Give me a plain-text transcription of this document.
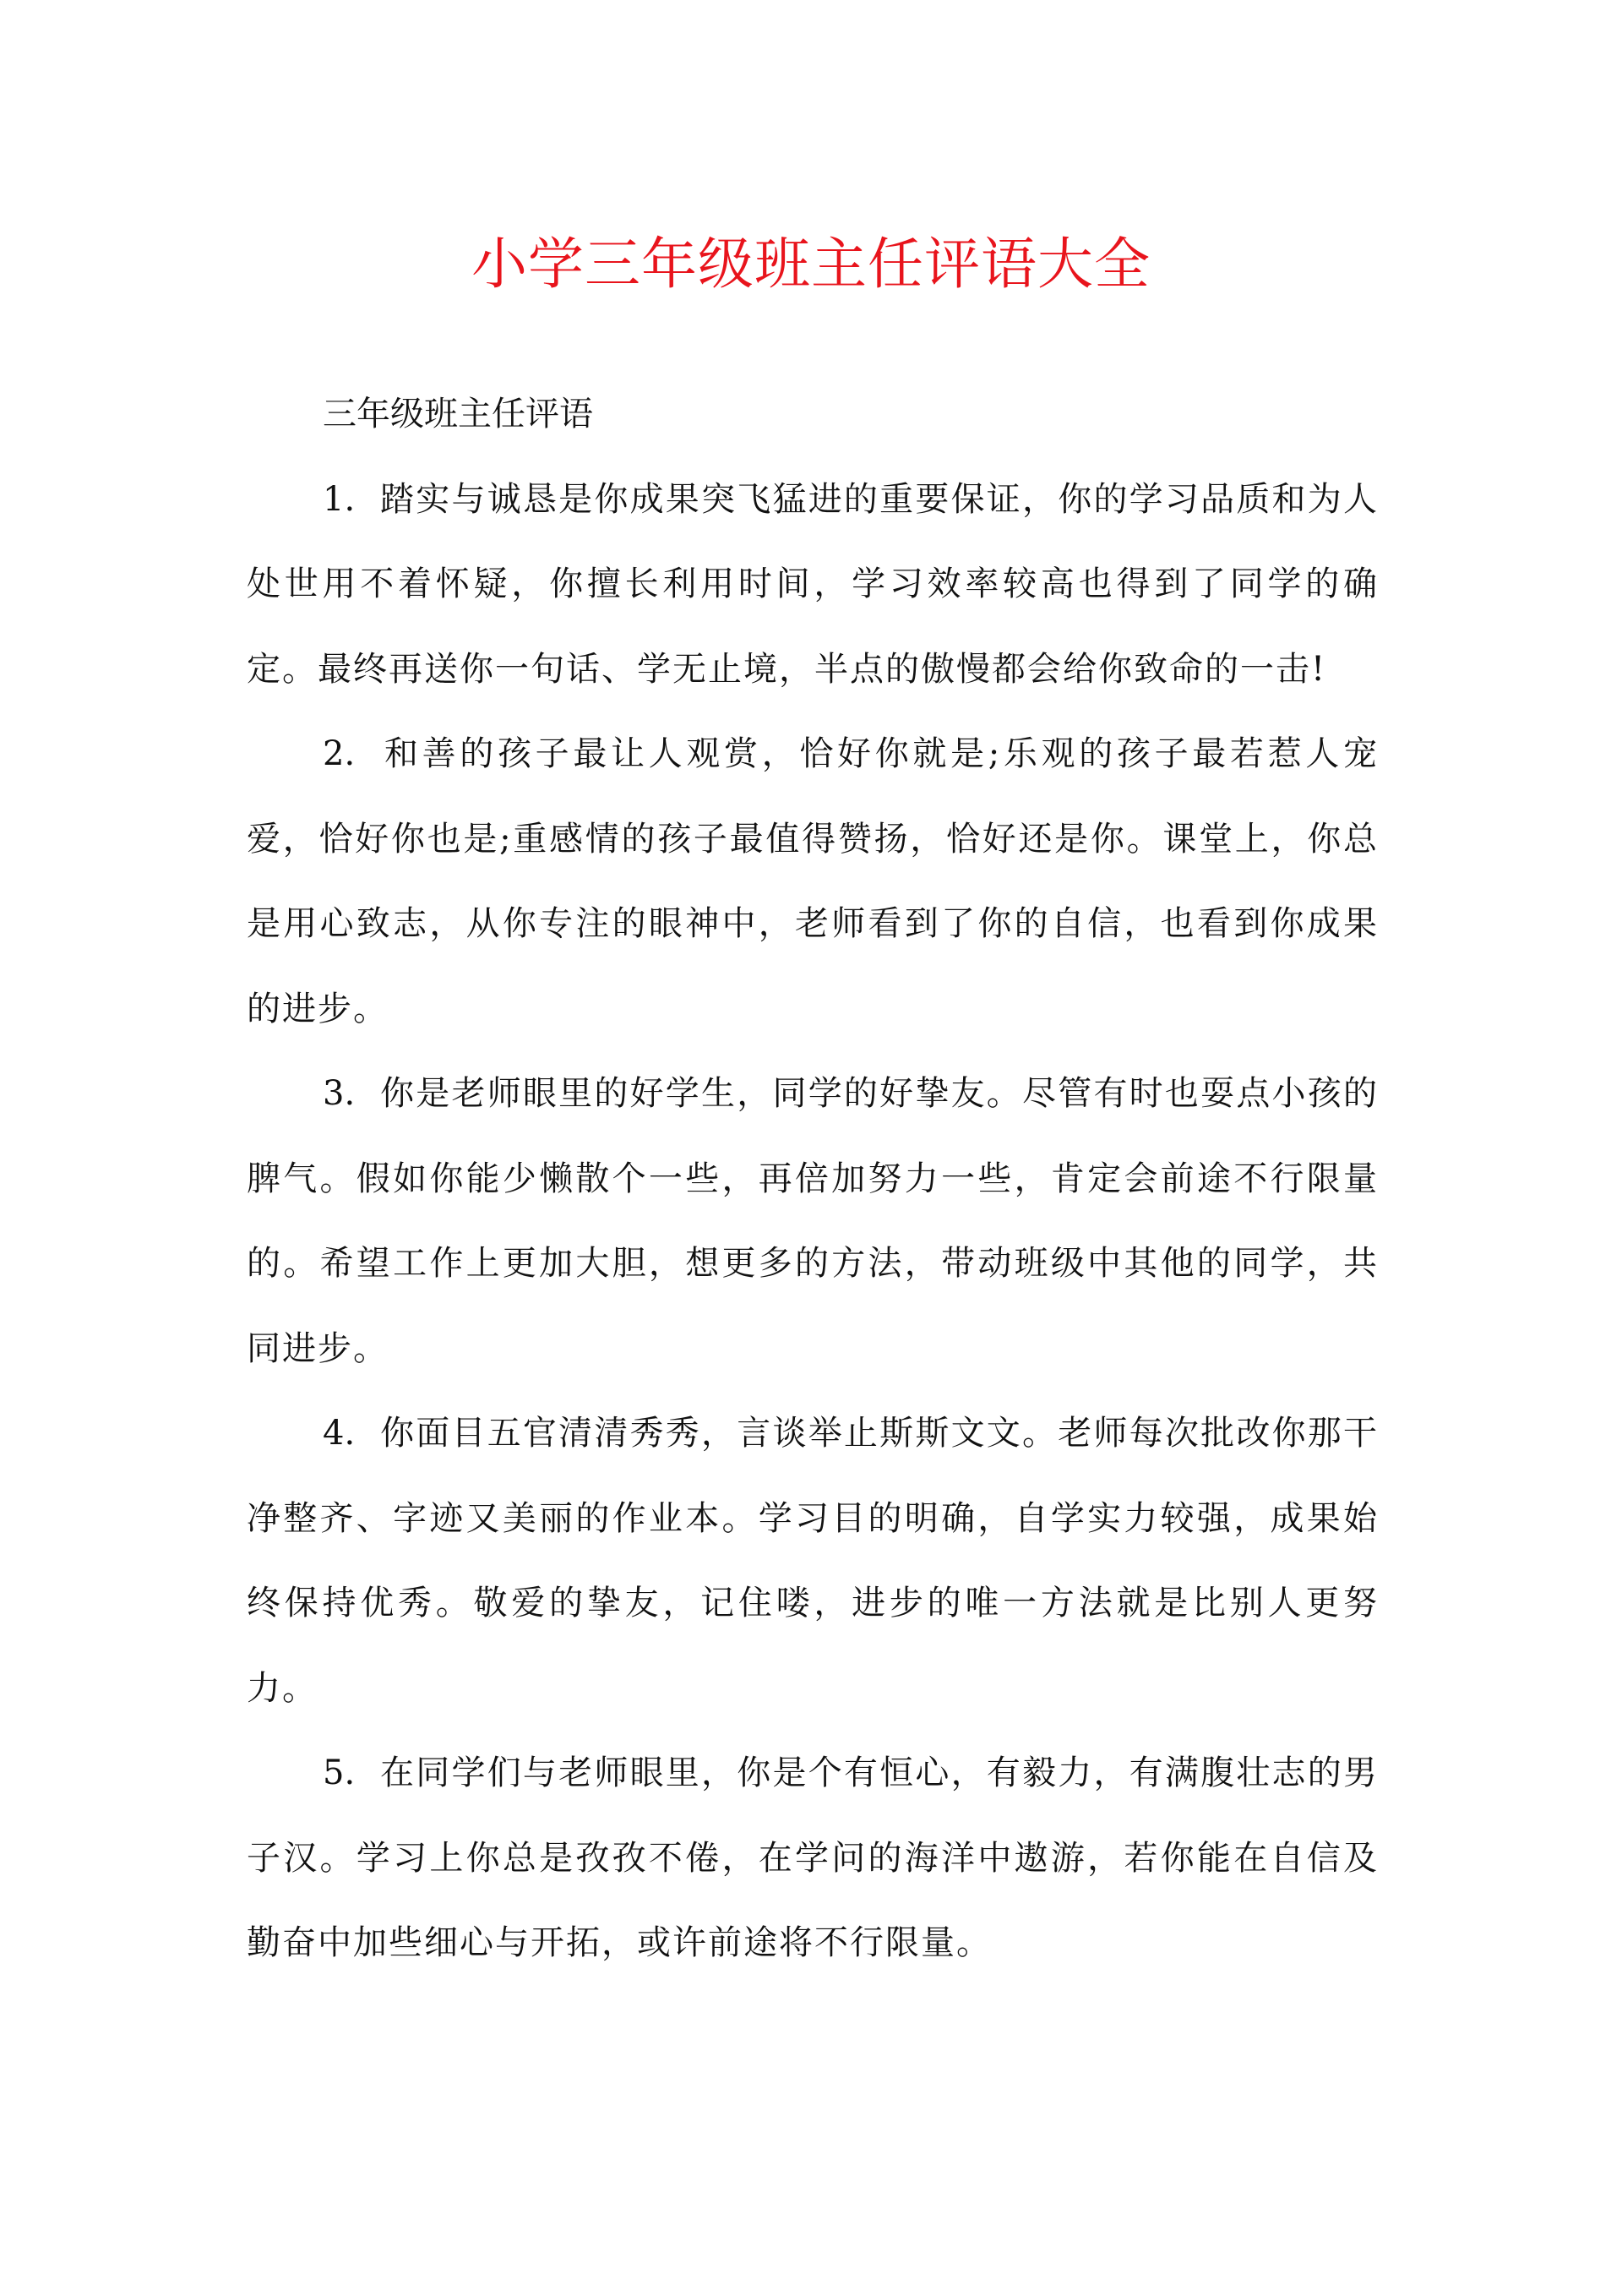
小学三年级班主任评语大全

三年级班主任评语

1. 踏实与诚恳是你成果突飞猛进的重要保证，你的学习品质和为人处世用不着怀疑，你擅长利用时间，学习效率较高也得到了同学的确定。最终再送你一句话、学无止境，半点的傲慢都会给你致命的一击!

2. 和善的孩子最让人观赏，恰好你就是;乐观的孩子最若惹人宠爱，恰好你也是;重感情的孩子最值得赞扬，恰好还是你。课堂上，你总是用心致志，从你专注的眼神中，老师看到了你的自信，也看到你成果的进步。

3. 你是老师眼里的好学生，同学的好挚友。尽管有时也耍点小孩的脾气。假如你能少懒散个一些，再倍加努力一些，肯定会前途不行限量的。希望工作上更加大胆，想更多的方法，带动班级中其他的同学，共同进步。

4. 你面目五官清清秀秀，言谈举止斯斯文文。老师每次批改你那干净整齐、字迹又美丽的作业本。学习目的明确，自学实力较强，成果始终保持优秀。敬爱的挚友，记住喽，进步的唯一方法就是比别人更努力。

5. 在同学们与老师眼里，你是个有恒心，有毅力，有满腹壮志的男子汉。学习上你总是孜孜不倦，在学问的海洋中遨游，若你能在自信及勤奋中加些细心与开拓，或许前途将不行限量。
